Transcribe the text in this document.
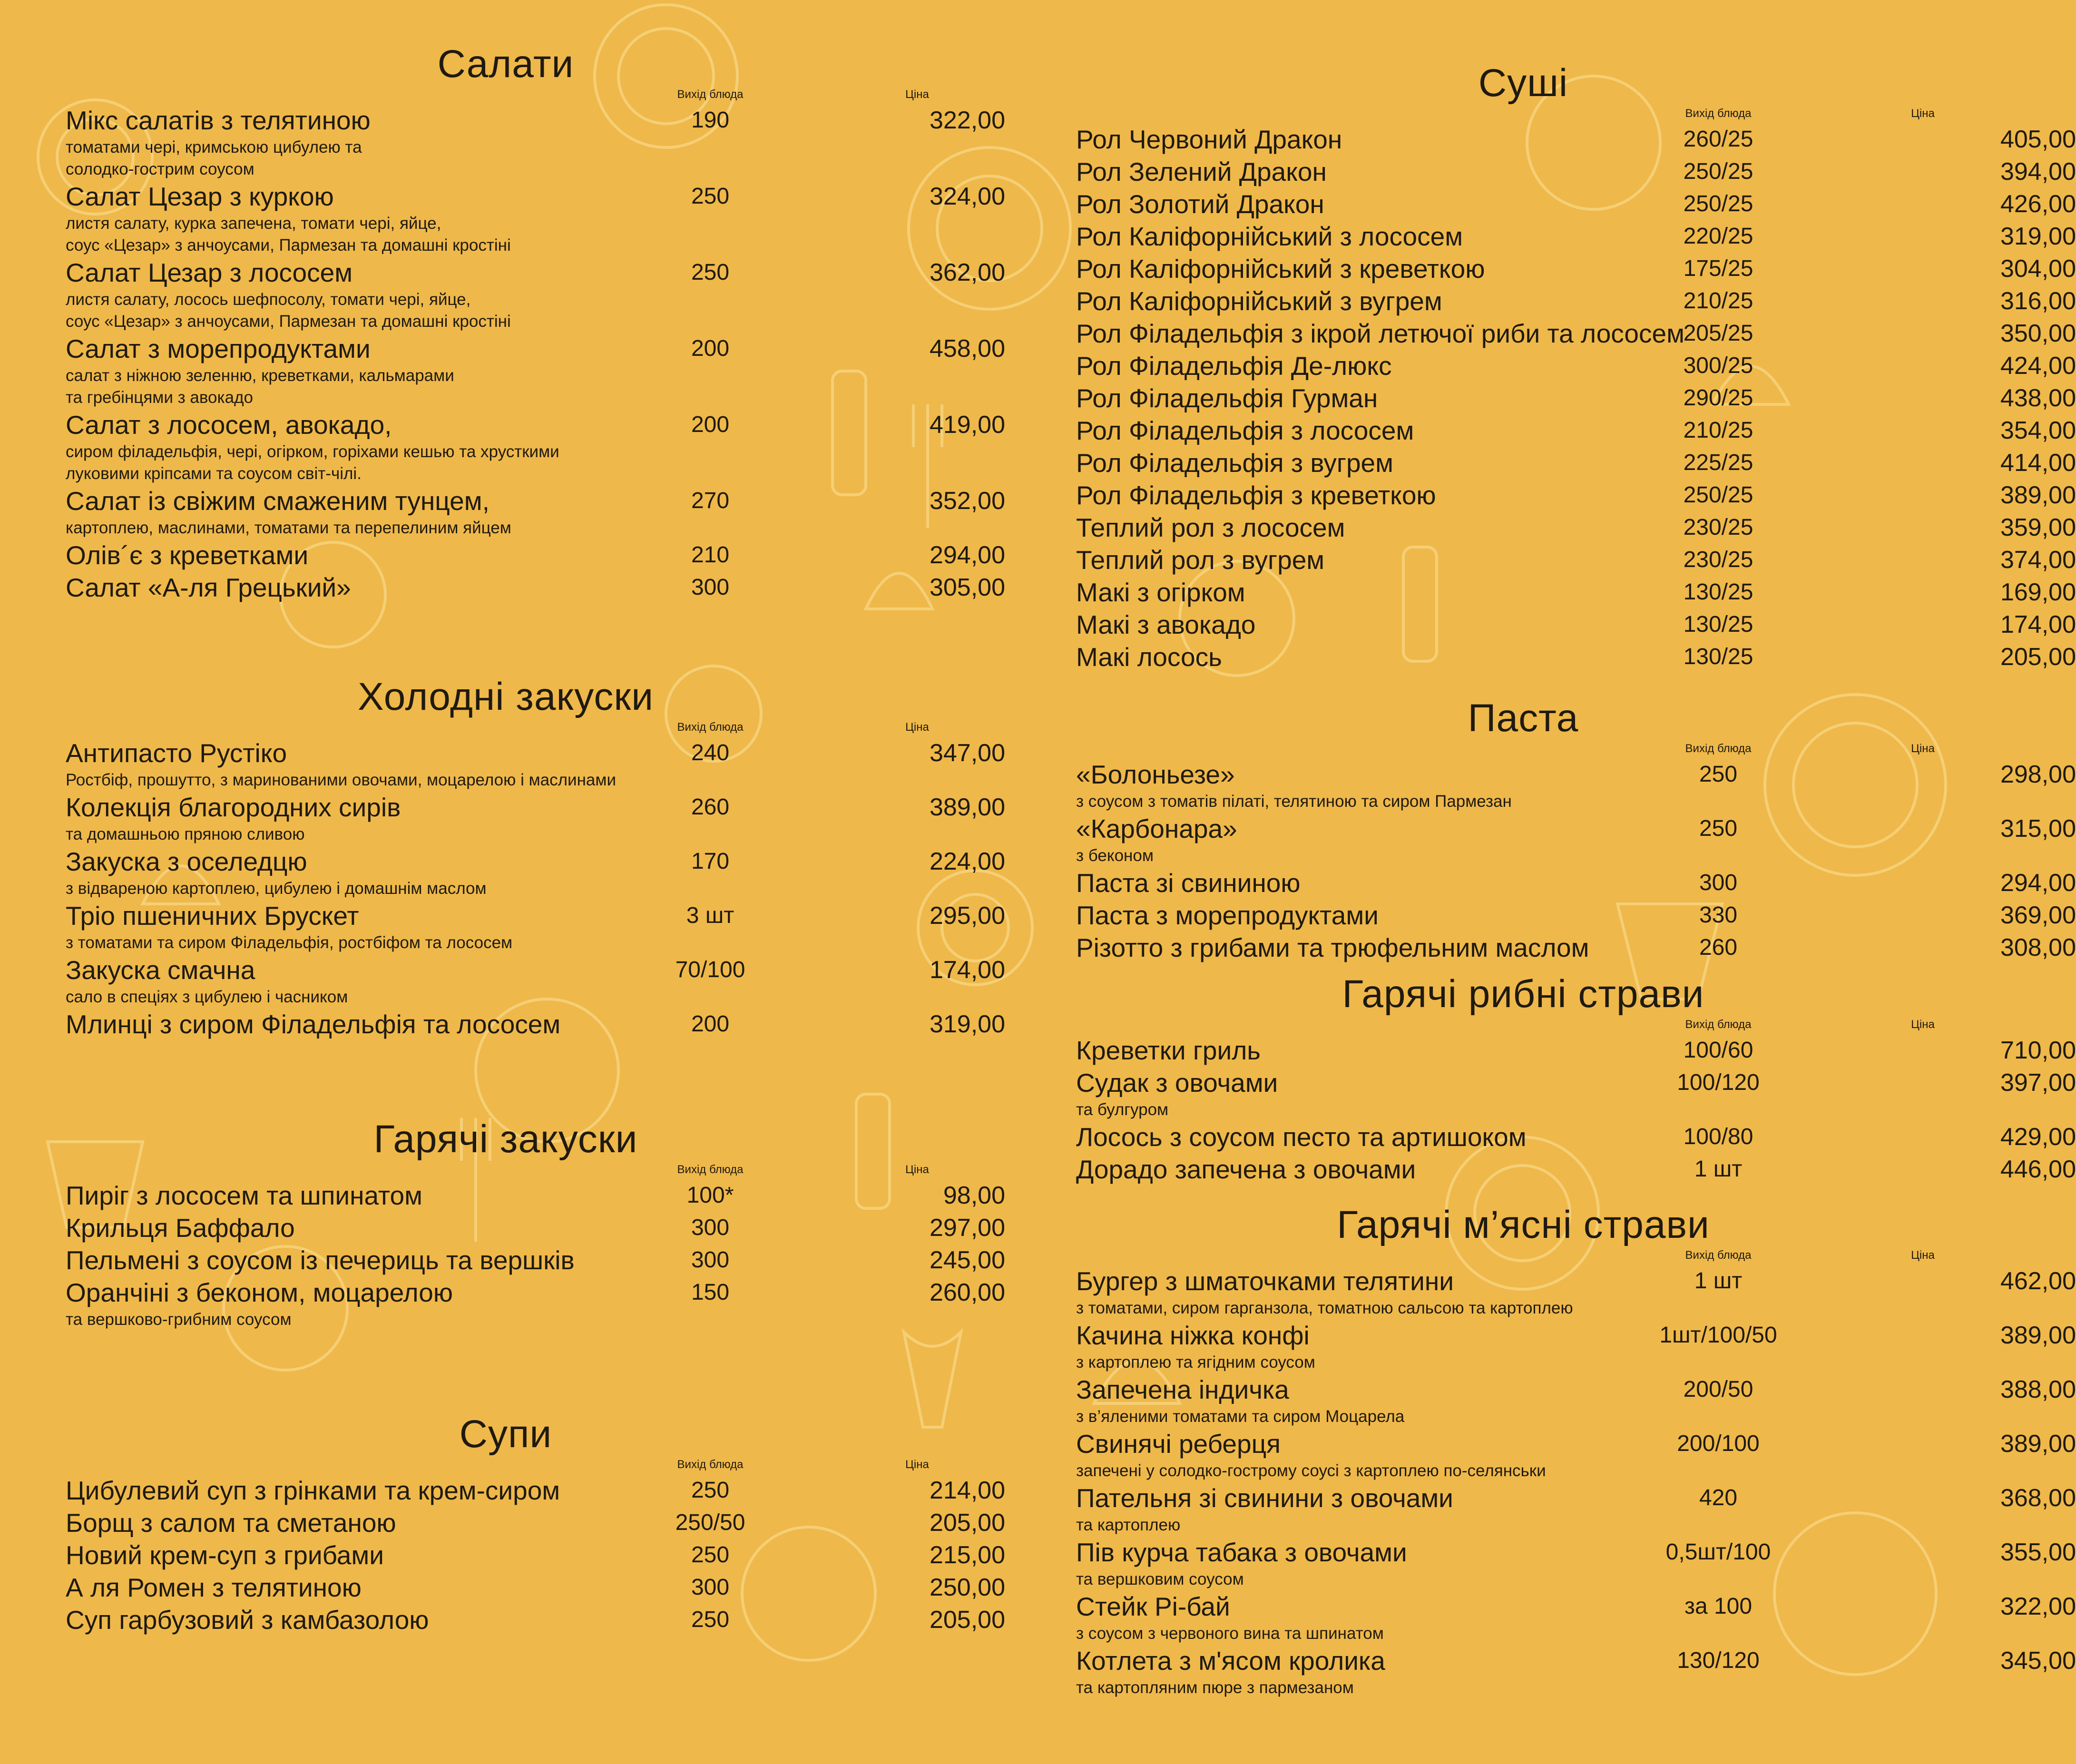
Салати
Вихід блюда	Ціна
Мікс салатів з телятиною
томатами черi, кримською цибулею та
солодко-гострим соусом
190	322,00
Салат Цезар з куркою
листя салату, курка запечена, томати черi, яйце,
соус «Цезар» з анчоусами, Пармезан та домашнi кростiнi
250	324,00
Салат Цезар з лососем
листя салату, лосось шефпосолу, томати черi, яйце,
соус «Цезар» з анчоусами, Пармезан та домашнi кростiнi
250	362,00
Салат з морепродуктами
салат з нiжною зеленню, креветками, кальмарами
та гребiнцями з авокадо
200	458,00
Салат з лососем, авокадо,
сиром фiладельфiя, черi, огiрком, горiхами кешью та хрусткими
луковими крiпсами та соусом свiт-чiлi.
200	419,00
Салат із свіжим смаженим тунцем,
картоплею, маслинами, томатами та перепелиним яйцем
270	352,00
Олів´є з креветками	210	294,00
Салат «А-ля Грецький»	300	305,00
Холодні закуски
Вихід блюда	Ціна
Антипасто Рустіко
Ростбiф, прошутто, з маринованими овочами, моцарелою i маслинами
240	347,00
Колекція благородних сирів
та домашньою пряною сливою
260	389,00
Закуска з оселедцю
з вiдвареною картоплею, цибулею i домашнiм маслом
170	224,00
Тріо пшеничних Брускет
з томатами та сиром Фiладельфiя, ростбiфом та лососем
3 шт	295,00
Закуска смачна
сало в спецiях з цибулею i часником
70/100	174,00
Млинці з сиром Філадельфія та лососем	200	319,00
Гарячі закуски
Вихід блюда	Ціна
Пиріг з лососем та шпинатом	100*	98,00
Крильця Баффало	300	297,00
Пельмені з соусом із печериць та вершків	300	245,00
Оранчіні з беконом, моцарелою
та вершково-грибним соусом
150	260,00
Супи
Вихід блюда	Ціна
Цибулевий суп з грінками та крем-сиром	250	214,00
Борщ з салом та сметаною	250/50	205,00
Новий крем-суп з грибами	250	215,00
А ля Ромен з телятиною	300	250,00
Суп гарбузовий з камбазолою	250	205,00
Суші
Вихід блюда	Ціна
Рол Червоний Дракон	260/25	405,00
Рол Зелений Дракон	250/25	394,00
Рол Золотий Дракон	250/25	426,00
Рол Каліфорнійський з лососем	220/25	319,00
Рол Каліфорнійський з креветкою	175/25	304,00
Рол Каліфорнійський з вугрем	210/25	316,00
Рол Філадельфія з ікрой летючої риби та лососем
205/25	350,00
Рол Філадельфія Де-люкс	300/25	424,00
Рол Філадельфія Гурман	290/25	438,00
Рол Філадельфія з лососем	210/25	354,00
Рол Філадельфія з вугрем	225/25	414,00
Рол Філадельфія з креветкою	250/25	389,00
Теплий рол з лососем	230/25	359,00
Теплий рол з вугрем	230/25	374,00
Макі з огірком	130/25	169,00
Макі з авокадо	130/25	174,00
Макі лосось	130/25	205,00
Паста
Вихід блюда	Ціна
«Болоньезе»
з соусом з томатiв пiлатi, телятиною та сиром Пармезан
250	298,00
«Карбонара»
з беконом
250	315,00
Паста зі свининою	300	294,00
Паста з морепродуктами	330	369,00
Різотто з грибами та трюфельним маслом	260	308,00
Гарячі рибні страви
Вихід блюда	Ціна
Креветки гриль	100/60	710,00
Судак з овочами
та булгуром
100/120	397,00
Лосось з соусом песто та артишоком	100/80	429,00
Дорадо запечена з овочами	1 шт	446,00
Гарячі м’ясні страви
Вихід блюда	Ціна
Бургер з шматочками телятини
з томатами, сиром гаргaнзола, томатною сальсою та картоплею
1 шт	462,00
Качина ніжка конфі
з картоплею та ягiдним соусом
1шт/100/50	389,00
Запечена індичка
з в’яленими томатами та сиром Моцарела
200/50	388,00
Свинячі реберця
запеченi у солодко-гострому соусi з картоплею по-селянськи
200/100	389,00
Пательня зі свинини з овочами
та картоплею
420	368,00
Пів курча табака з овочами
та вершковим соусом
0,5шт/100	355,00
Стейк Рі-бай
з соусом з червоного вина та шпинатом
за 100	322,00
Котлета з м'ясом кролика
та картопляним пюре з пармезаном
130/120	345,00
